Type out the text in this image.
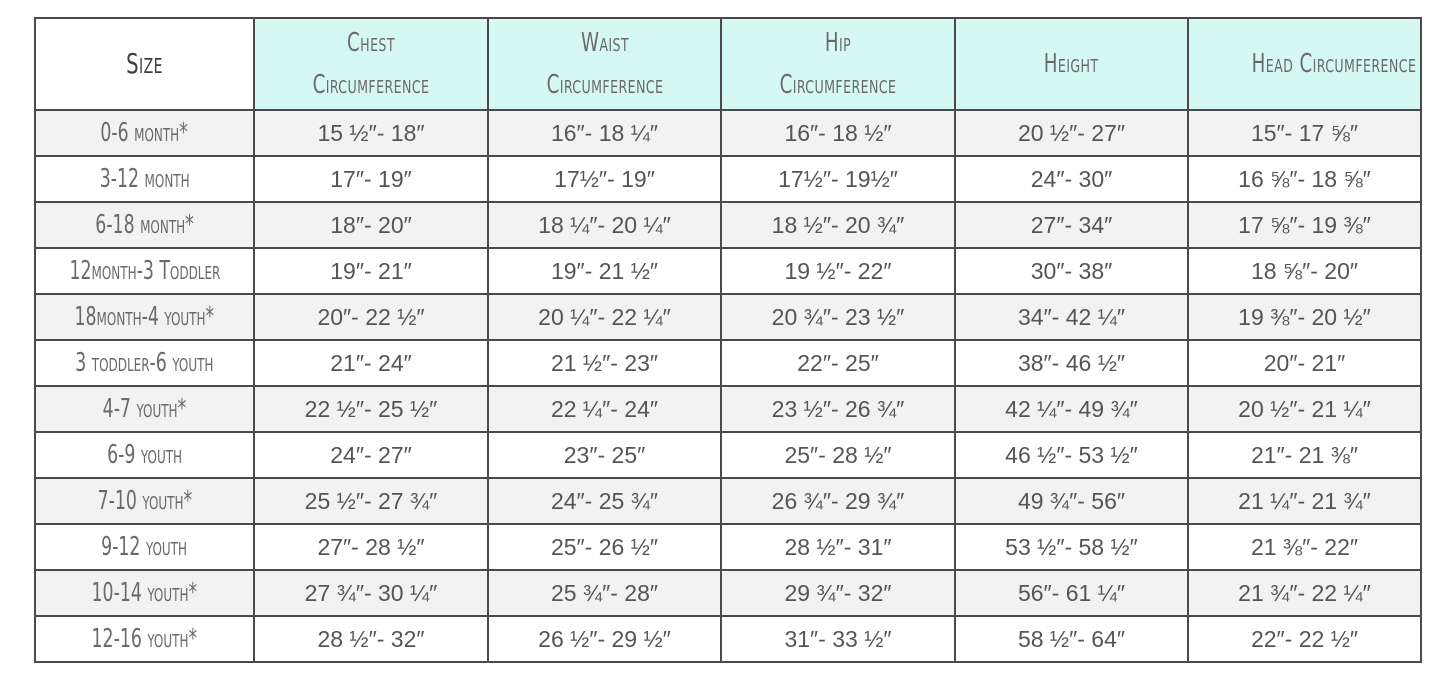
Size	Chest Circumference	Waist Circumference	Hip Circumference	Height	Head Circumference
0-6 month*	15 ½″- 18″	16″- 18 ¼″	16″- 18 ½″	20 ½″- 27″	15″- 17 ⅝″
3-12 month	17″- 19″	17½″- 19″	17½″- 19½″	24″- 30″	16 ⅝″- 18 ⅝″
6-18 month*	18″- 20″	18 ¼″- 20 ¼″	18 ½″- 20 ¾″	27″- 34″	17 ⅝″- 19 ⅜″
12month-3 Toddler	19″- 21″	19″- 21 ½″	19 ½″- 22″	30″- 38″	18 ⅝″- 20″
18month-4 youth*	20″- 22 ½″	20 ¼″- 22 ¼″	20 ¾″- 23 ½″	34″- 42 ¼″	19 ⅜″- 20 ½″
3 toddler-6 youth	21″- 24″	21 ½″- 23″	22″- 25″	38″- 46 ½″	20″- 21″
4-7 youth*	22 ½″- 25 ½″	22 ¼″- 24″	23 ½″- 26 ¾″	42 ¼″- 49 ¾″	20 ½″- 21 ¼″
6-9 youth	24″- 27″	23″- 25″	25″- 28 ½″	46 ½″- 53 ½″	21″- 21 ⅜″
7-10 youth*	25 ½″- 27 ¾″	24″- 25 ¾″	26 ¾″- 29 ¾″	49 ¾″- 56″	21 ¼″- 21 ¾″
9-12 youth	27″- 28 ½″	25″- 26 ½″	28 ½″- 31″	53 ½″- 58 ½″	21 ⅜″- 22″
10-14 youth*	27 ¾″- 30 ¼″	25 ¾″- 28″	29 ¾″- 32″	56″- 61 ¼″	21 ¾″- 22 ¼″
12-16 youth*	28 ½″- 32″	26 ½″- 29 ½″	31″- 33 ½″	58 ½″- 64″	22″- 22 ½″
